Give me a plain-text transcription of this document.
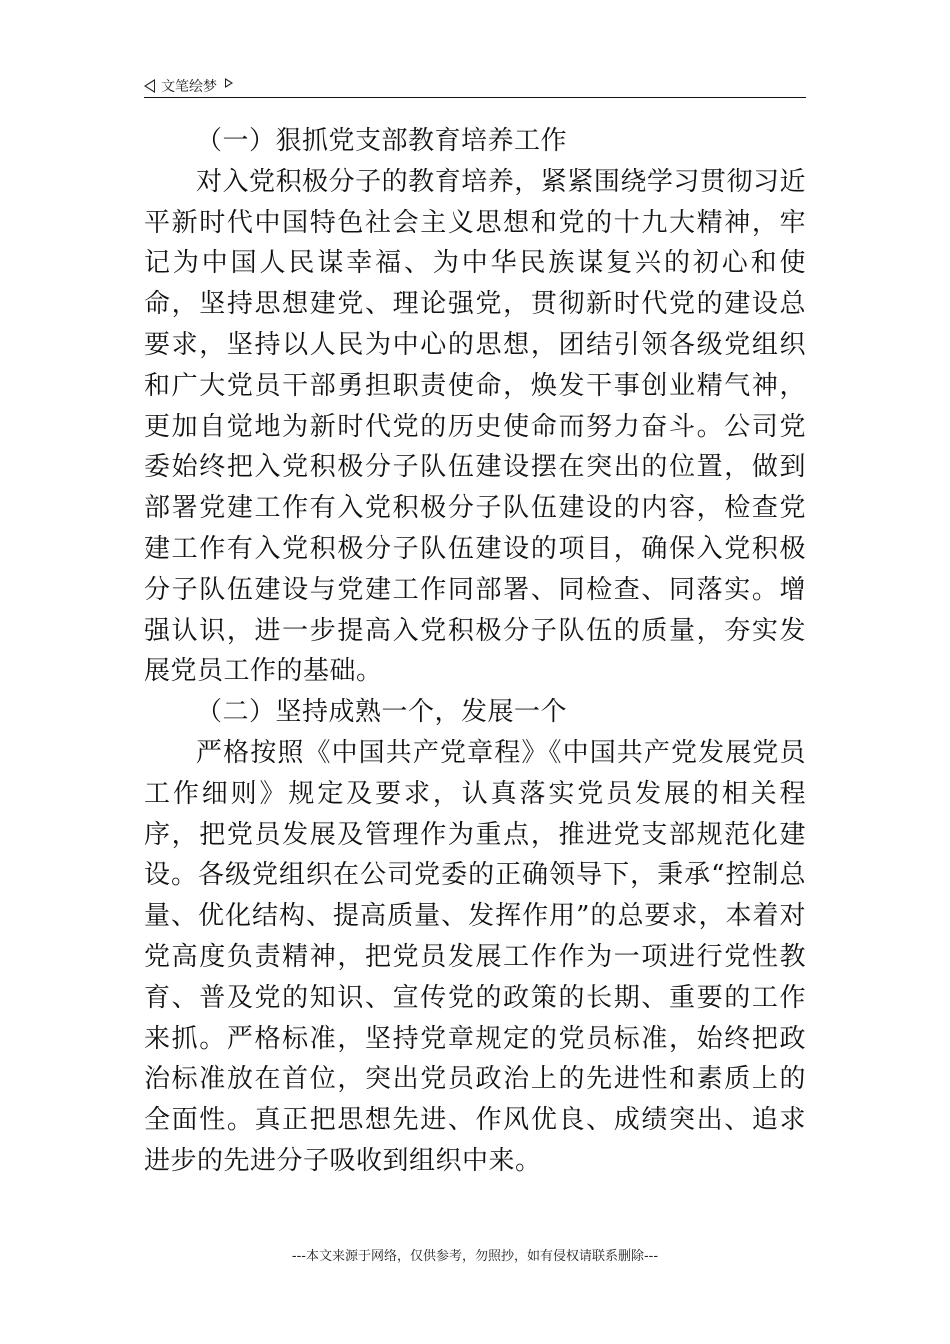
文笔绘梦
（一）狠抓党支部教育培养工作

对入党积极分子的教育培养，紧紧围绕学习贯彻习近平新时代中国特色社会主义思想和党的十九大精神，牢记为中国人民谋幸福、为中华民族谋复兴的初心和使命，坚持思想建党、理论强党，贯彻新时代党的建设总要求，坚持以人民为中心的思想，团结引领各级党组织和广大党员干部勇担职责使命，焕发干事创业精气神，更加自觉地为新时代党的历史使命而努力奋斗。公司党委始终把入党积极分子队伍建设摆在突出的位置，做到部署党建工作有入党积极分子队伍建设的内容，检查党建工作有入党积极分子队伍建设的项目，确保入党积极分子队伍建设与党建工作同部署、同检查、同落实。增强认识，进一步提高入党积极分子队伍的质量，夯实发展党员工作的基础。

（二）坚持成熟一个，发展一个

严格按照《中国共产党章程》《中国共产党发展党员工作细则》规定及要求，认真落实党员发展的相关程序，把党员发展及管理作为重点，推进党支部规范化建设。各级党组织在公司党委的正确领导下，秉承“控制总量、优化结构、提高质量、发挥作用”的总要求，本着对党高度负责精神，把党员发展工作作为一项进行党性教育、普及党的知识、宣传党的政策的长期、重要的工作来抓。严格标准，坚持党章规定的党员标准，始终把政治标准放在首位，突出党员政治上的先进性和素质上的全面性。真正把思想先进、作风优良、成绩突出、追求进步的先进分子吸收到组织中来。

---本文来源于网络，仅供参考，勿照抄，如有侵权请联系删除---
